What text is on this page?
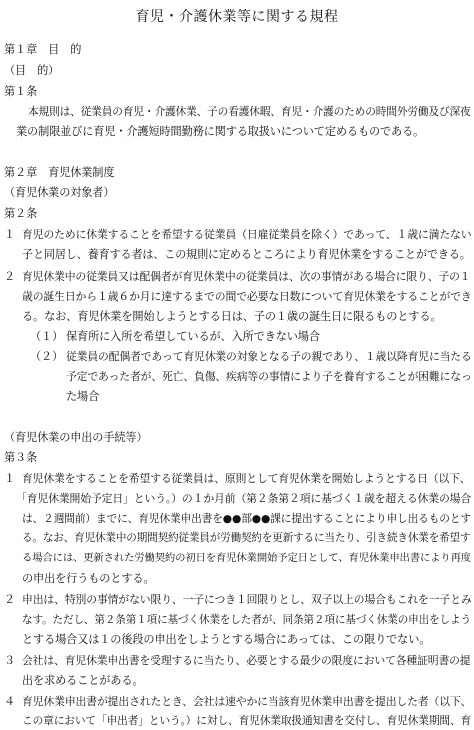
育児・介護休業等に関する規程
第１章　目　的
（目　的）
第１条
本規則は、従業員の育児・介護休業、子の看護休暇、育児・介護のための時間外労働及び深夜
業の制限並びに育児・介護短時間勤務に関する取扱いについて定めるものである。
第２章　育児休業制度
（育児休業の対象者）
第２条
１ 育児のために休業することを希望する従業員（日雇従業員を除く）であって、１歳に満たない
子と同居し、養育する者は、この規則に定めるところにより育児休業をすることができる。
２ 育児休業中の従業員又は配偶者が育児休業中の従業員は、次の事情がある場合に限り、子の１
歳の誕生日から１歳６か月に達するまでの間で必要な日数について育児休業をすることができ
る。なお、育児休業を開始しようとする日は、子の１歳の誕生日に限るものとする。
（１） 保育所に入所を希望しているが、入所できない場合
（２） 従業員の配偶者であって育児休業の対象となる子の親であり、１歳以降育児に当たる
予定であった者が、死亡、負傷、疾病等の事情により子を養育することが困難になっ
た場合
（育児休業の申出の手続等）
第３条
１ 育児休業をすることを希望する従業員は、原則として育児休業を開始しようとする日（以下、
「育児休業開始予定日」という。）の１か月前（第２条第２項に基づく１歳を超える休業の場合
は、２週間前）までに、育児休業申出書を●●部●●課に提出することにより申し出るものとす
る。なお、育児休業中の期間契約従業員が労働契約を更新するに当たり、引き続き休業を希望す
る場合には、更新された労働契約の初日を育児休業開始予定日として、育児休業申出書により再度
の申出を行うものとする。
２ 申出は、特別の事情がない限り、一子につき１回限りとし、双子以上の場合もこれを一子とみ
なす。ただし、第２条第１項に基づく休業をした者が、同条第２項に基づく休業の申出をしよう
とする場合又は１の後段の申出をしようとする場合にあっては、この限りでない。
３ 会社は、育児休業申出書を受理するに当たり、必要とする最少の限度において各種証明書の提
出を求めることがある。
４ 育児休業申出書が提出されたとき、会社は速やかに当該育児休業申出書を提出した者（以下、
この章において「申出者」という。）に対し、育児休業取扱通知書を交付し、育児休業期間、育
